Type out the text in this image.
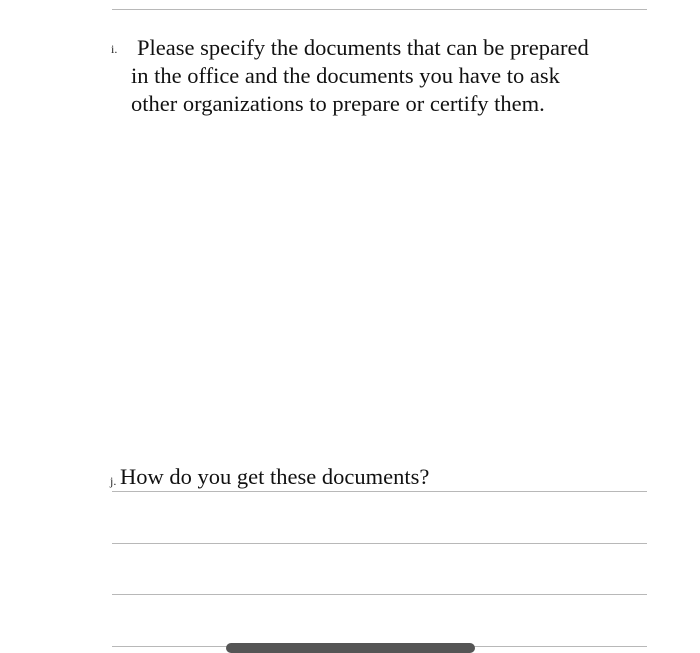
i. Please specify the documents that can be prepared
in the office and the documents you have to ask
other organizations to prepare or certify them.
j. How do you get these documents?
